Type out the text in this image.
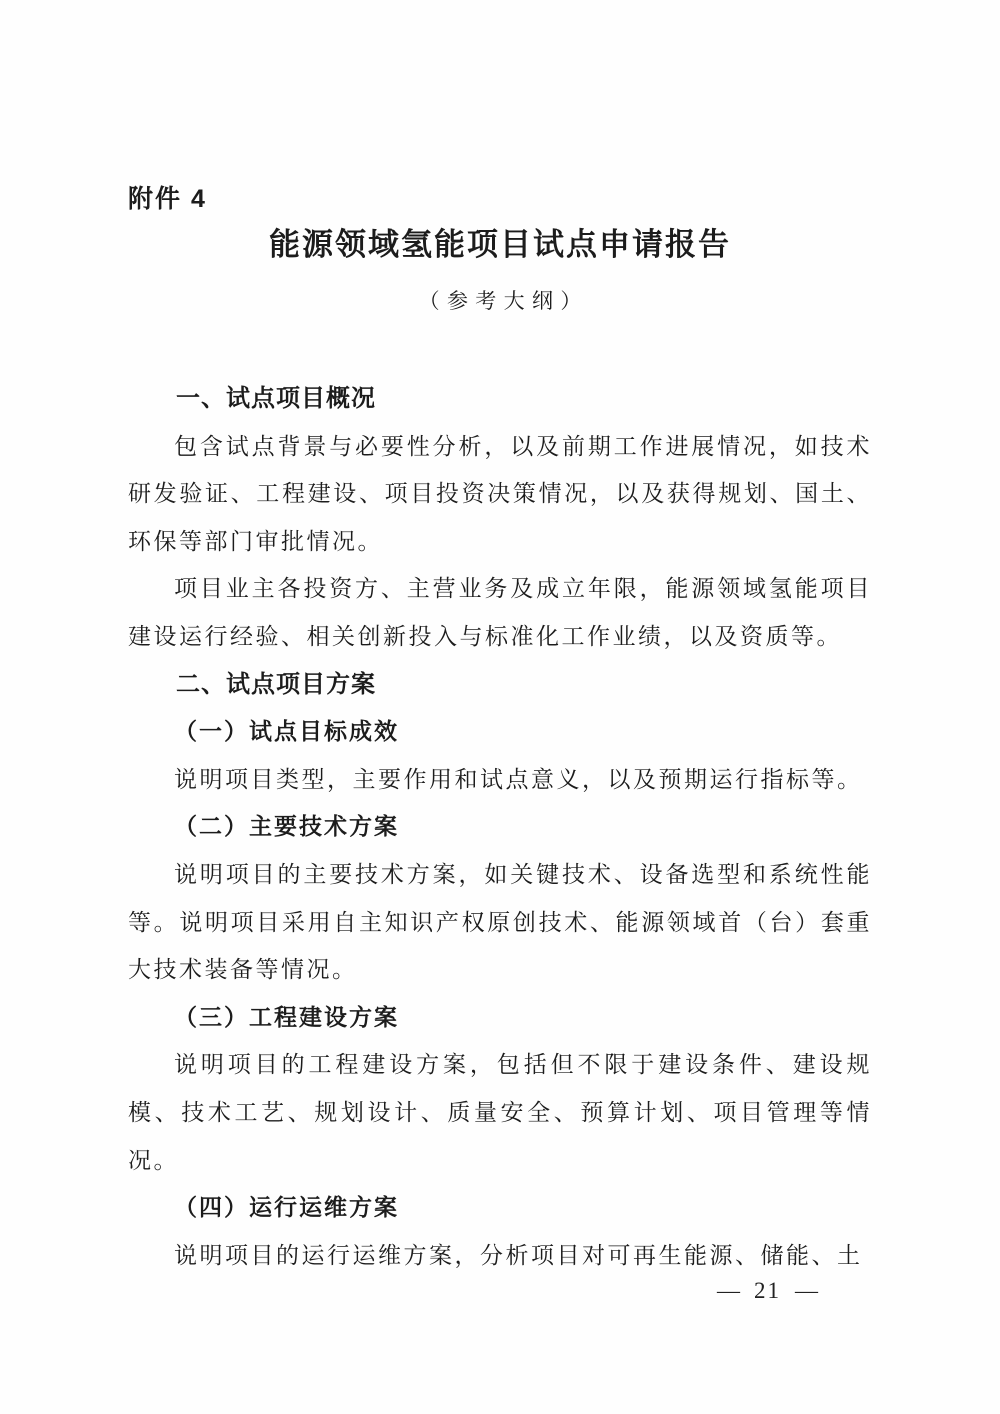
附件 4
能源领域氢能项目试点申请报告
（参考大纲）

一、试点项目概况

包含试点背景与必要性分析，以及前期工作进展情况，如技术研发验证、工程建设、项目投资决策情况，以及获得规划、国土、环保等部门审批情况。

项目业主各投资方、主营业务及成立年限，能源领域氢能项目建设运行经验、相关创新投入与标准化工作业绩，以及资质等。

二、试点项目方案

（一）试点目标成效

说明项目类型，主要作用和试点意义，以及预期运行指标等。

（二）主要技术方案

说明项目的主要技术方案，如关键技术、设备选型和系统性能等。说明项目采用自主知识产权原创技术、能源领域首（台）套重大技术装备等情况。

（三）工程建设方案

说明项目的工程建设方案，包括但不限于建设条件、建设规模、技术工艺、规划设计、质量安全、预算计划、项目管理等情况。

（四）运行运维方案

说明项目的运行运维方案，分析项目对可再生能源、储能、土

— 21 —
